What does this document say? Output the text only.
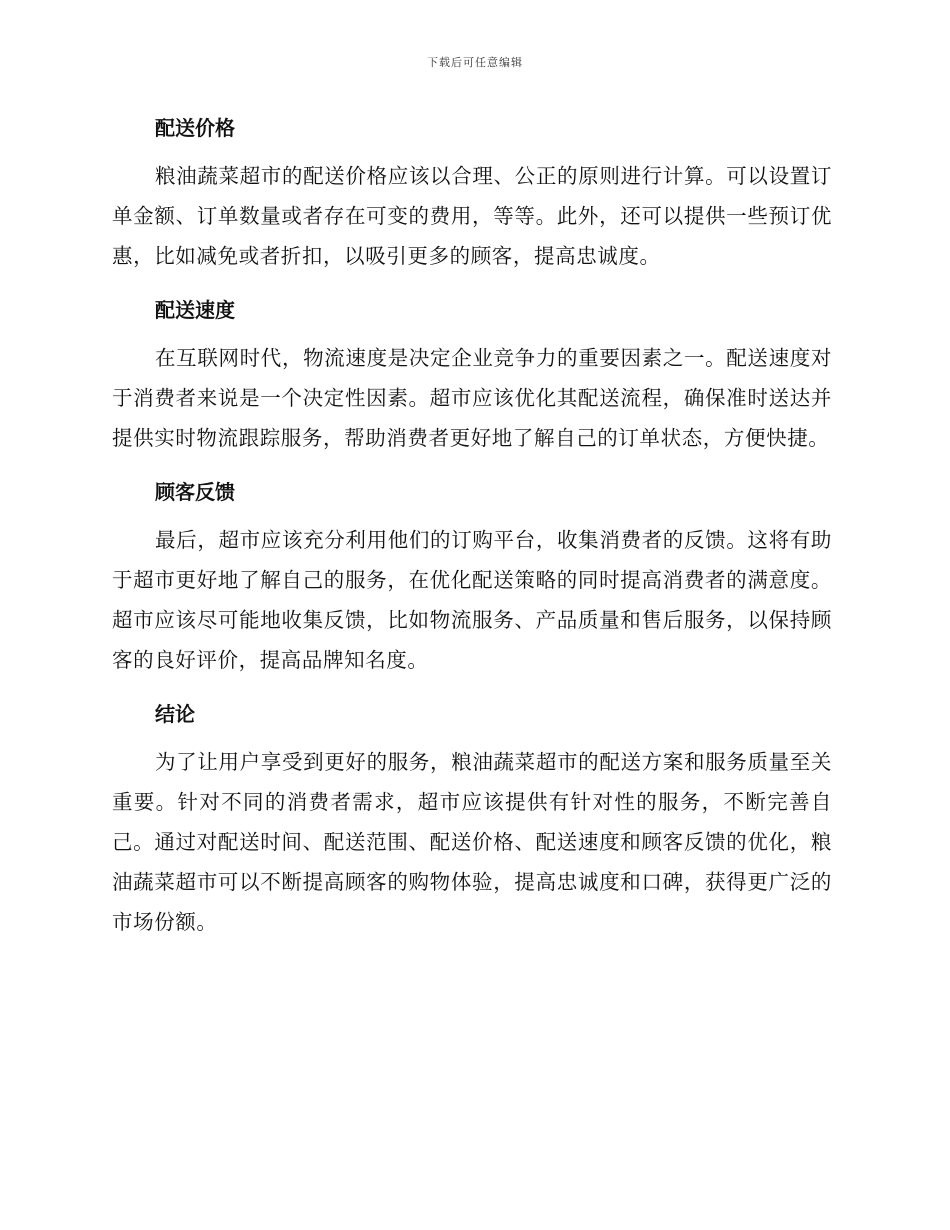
下载后可任意编辑
配送价格

粮油蔬菜超市的配送价格应该以合理、公正的原则进行计算。可以设置订单金额、订单数量或者存在可变的费用，等等。此外，还可以提供一些预订优惠，比如减免或者折扣，以吸引更多的顾客，提高忠诚度。

配送速度

在互联网时代，物流速度是决定企业竞争力的重要因素之一。配送速度对于消费者来说是一个决定性因素。超市应该优化其配送流程，确保准时送达并提供实时物流跟踪服务，帮助消费者更好地了解自己的订单状态，方便快捷。

顾客反馈

最后，超市应该充分利用他们的订购平台，收集消费者的反馈。这将有助于超市更好地了解自己的服务，在优化配送策略的同时提高消费者的满意度。超市应该尽可能地收集反馈，比如物流服务、产品质量和售后服务，以保持顾客的良好评价，提高品牌知名度。

结论

为了让用户享受到更好的服务，粮油蔬菜超市的配送方案和服务质量至关重要。针对不同的消费者需求，超市应该提供有针对性的服务，不断完善自己。通过对配送时间、配送范围、配送价格、配送速度和顾客反馈的优化，粮油蔬菜超市可以不断提高顾客的购物体验，提高忠诚度和口碑，获得更广泛的市场份额。
